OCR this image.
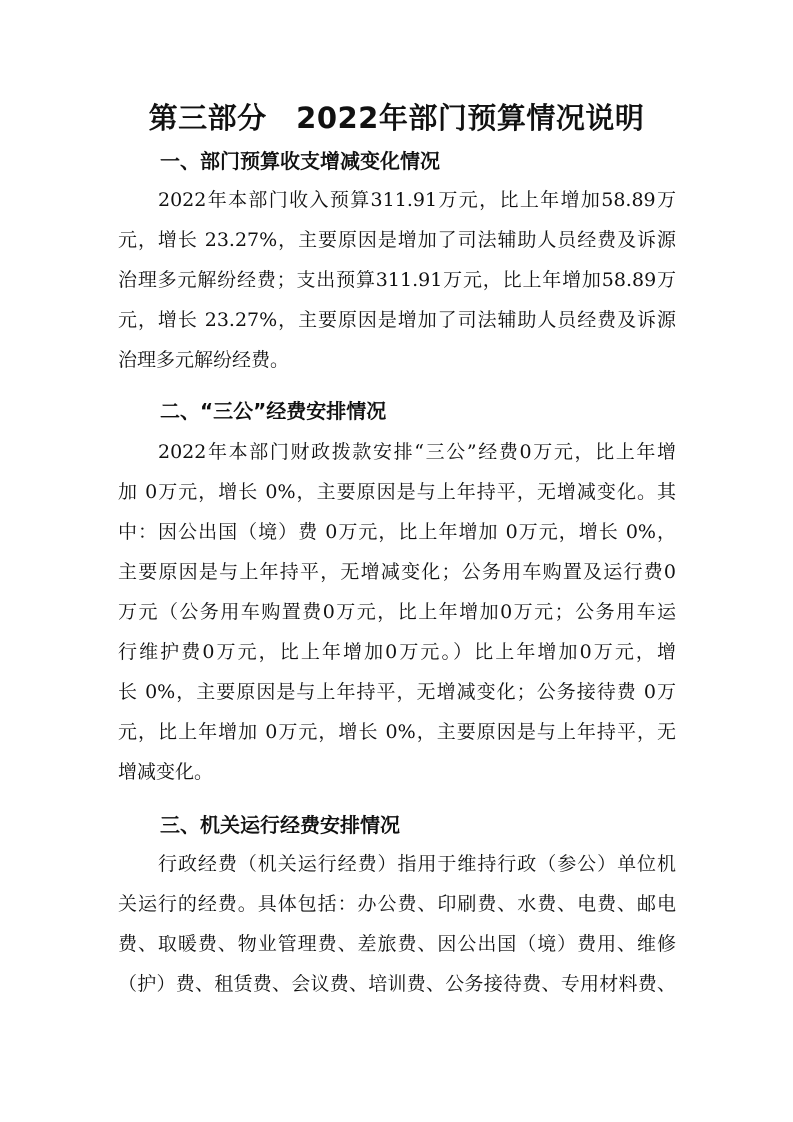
第三部分　2022年部门预算情况说明
一、部门预算收支增减变化情况
2022年本部门收入预算311.91万元，比上年增加58.89万
元，增长 23.27%，主要原因是增加了司法辅助人员经费及诉源
治理多元解纷经费；支出预算311.91万元，比上年增加58.89万
元，增长 23.27%，主要原因是增加了司法辅助人员经费及诉源
治理多元解纷经费。
二、“三公”经费安排情况
2022年本部门财政拨款安排“三公”经费0万元，比上年增
加 0万元，增长 0%，主要原因是与上年持平，无增减变化。其
中：因公出国（境）费 0万元，比上年增加 0万元，增长 0%，
主要原因是与上年持平，无增减变化；公务用车购置及运行费0
万元（公务用车购置费0万元，比上年增加0万元；公务用车运
行维护费0万元，比上年增加0万元。）比上年增加0万元，增
长 0%，主要原因是与上年持平，无增减变化；公务接待费 0万
元，比上年增加 0万元，增长 0%，主要原因是与上年持平，无
增减变化。
三、机关运行经费安排情况
行政经费（机关运行经费）指用于维持行政（参公）单位机
关运行的经费。具体包括：办公费、印刷费、水费、电费、邮电
费、取暖费、物业管理费、差旅费、因公出国（境）费用、维修
（护）费、租赁费、会议费、培训费、公务接待费、专用材料费、
